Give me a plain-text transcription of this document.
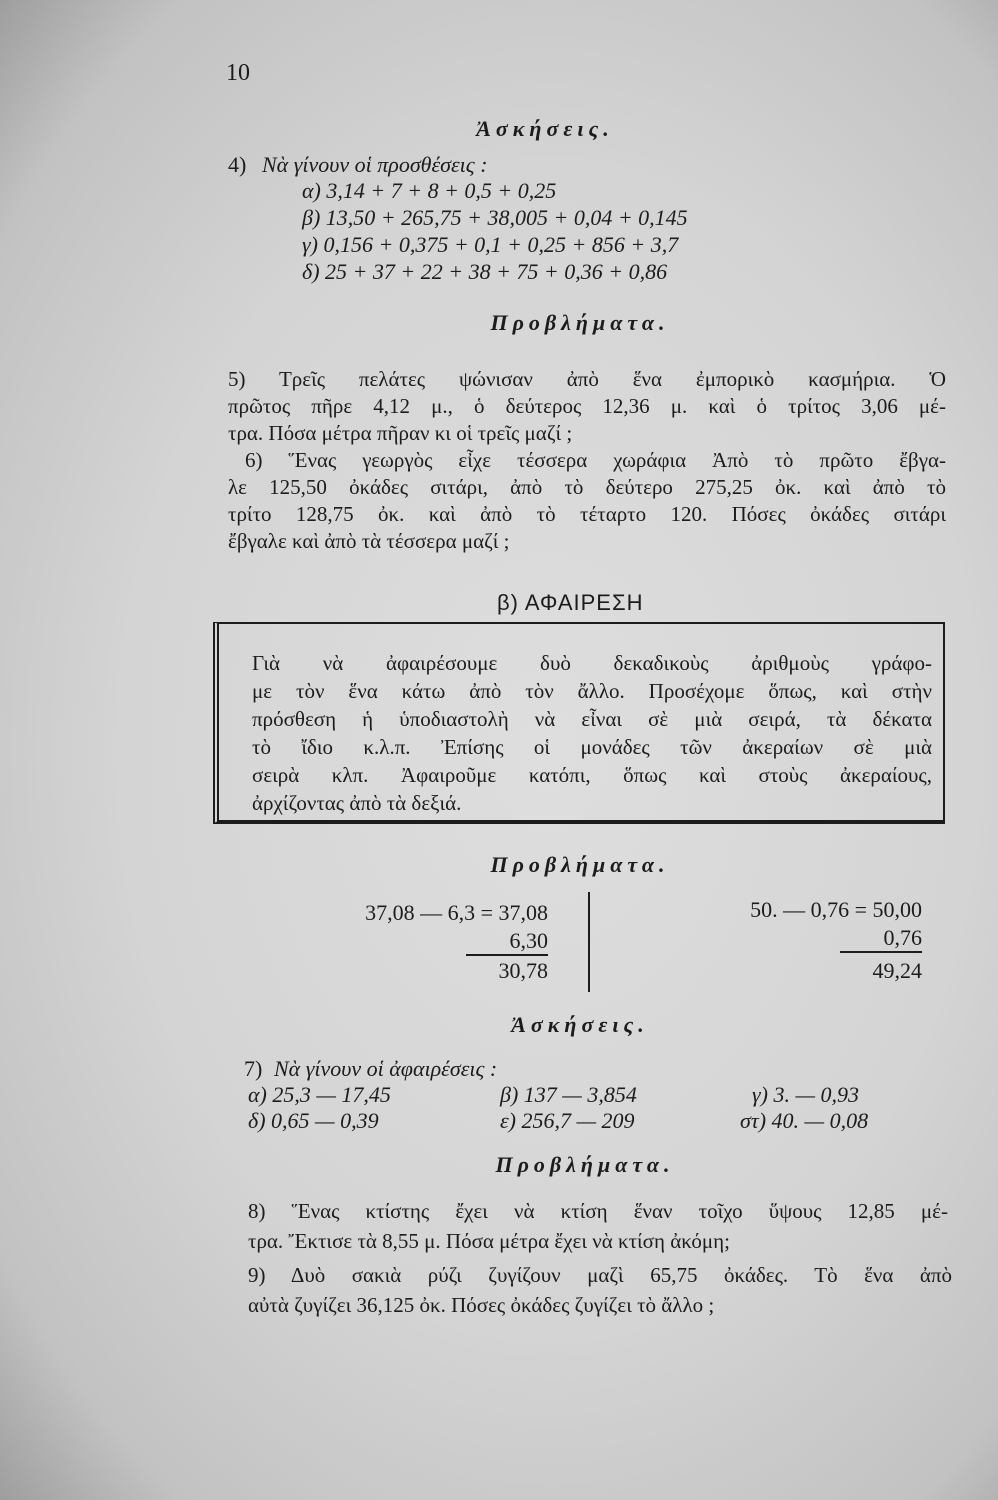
10
Ἀσκήσεις.
4) Νὰ γίνουν οἱ προσθέσεις :
α) 3,14 + 7 + 8 + 0,5 + 0,25
β) 13,50 + 265,75 + 38,005 + 0,04 + 0,145
γ) 0,156 + 0,375 + 0,1 + 0,25 + 856 + 3,7
δ) 25 + 37 + 22 + 38 + 75 + 0,36 + 0,86
Προβλήματα.
5) Τρεῖς πελάτες ψώνισαν ἀπὸ ἕνα ἐμπορικὸ κασμήρια. Ὁ
πρῶτος πῆρε 4,12 μ., ὁ δεύτερος 12,36 μ. καὶ ὁ τρίτος 3,06 μέ-
τρα. Πόσα μέτρα πῆραν κι οἱ τρεῖς μαζί ;
6) Ἕνας γεωργὸς εἶχε τέσσερα χωράφια Ἀπὸ τὸ πρῶτο ἔβγα-
λε 125,50 ὀκάδες σιτάρι, ἀπὸ τὸ δεύτερο 275,25 ὀκ. καὶ ἀπὸ τὸ
τρίτο 128,75 ὀκ. καὶ ἀπὸ τὸ τέταρτο 120. Πόσες ὀκάδες σιτάρι
ἔβγαλε καὶ ἀπὸ τὰ τέσσερα μαζί ;
β) ΑΦΑΙΡΕΣΗ
Γιὰ νὰ ἀφαιρέσουμε δυὸ δεκαδικοὺς ἀριθμοὺς γράφο-
με τὸν ἕνα κάτω ἀπὸ τὸν ἄλλο. Προσέχομε ὅπως, καὶ στὴν
πρόσθεση ἡ ὑποδιαστολὴ νὰ εἶναι σὲ μιὰ σειρά, τὰ δέκατα
τὸ ἴδιο κ.λ.π. Ἐπίσης οἱ μονάδες τῶν ἀκεραίων σὲ μιὰ
σειρὰ κλπ. Ἀφαιροῦμε κατόπι, ὅπως καὶ στοὺς ἀκεραίους,
ἀρχίζοντας ἀπὸ τὰ δεξιά.
Προβλήματα.
37,08 — 6,3 = 37,08
6,30
30,78
50. — 0,76 = 50,00
0,76
49,24
Ἀσκήσεις.
7) Νὰ γίνουν οἱ ἀφαιρέσεις :
α) 25,3 — 17,45	β) 137 — 3,854	γ) 3. — 0,93
δ) 0,65 — 0,39	ε) 256,7 — 209	στ) 40. — 0,08
Προβλήματα.
8) Ἕνας κτίστης ἔχει νὰ κτίση ἕναν τοῖχο ὕψους 12,85 μέ-
τρα. Ἔκτισε τὰ 8,55 μ. Πόσα μέτρα ἔχει νὰ κτίση ἀκόμη;
9) Δυὸ σακιὰ ρύζι ζυγίζουν μαζὶ 65,75 ὀκάδες. Τὸ ἕνα ἀπὸ
αὐτὰ ζυγίζει 36,125 ὀκ. Πόσες ὀκάδες ζυγίζει τὸ ἄλλο ;
